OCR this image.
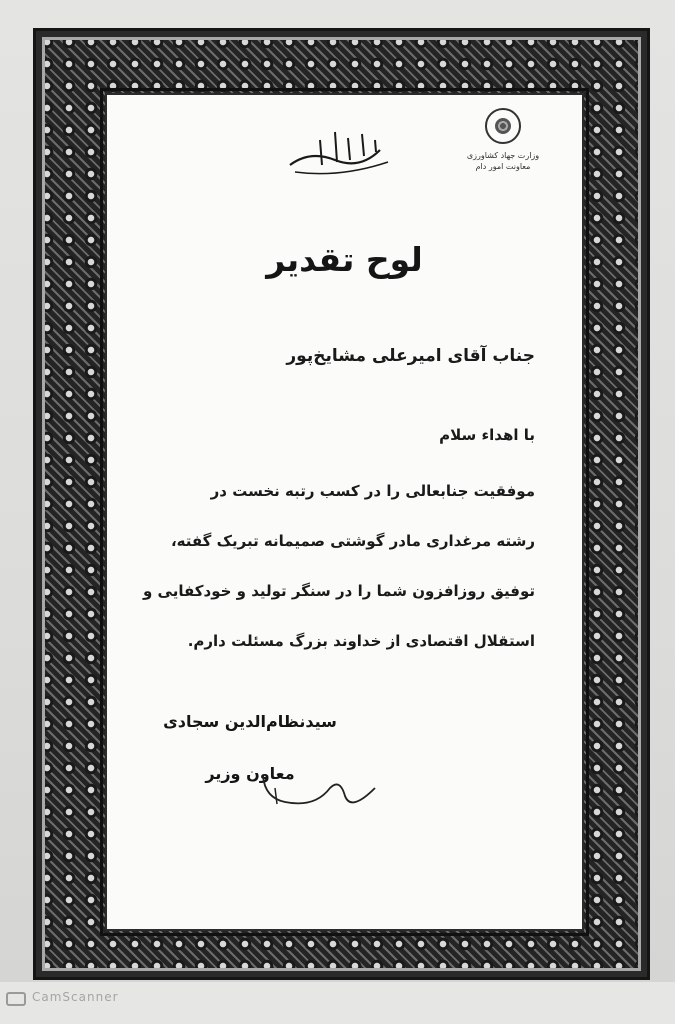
وزارت جهاد کشاورزی
معاونت امور دام
لوح تقدیر
جناب آقای امیرعلی مشایخ‌پور
با اهداء سلام
موفقیت جنابعالی را در کسب رتبه نخست در
رشته مرغداری مادر گوشتی صمیمانه تبریک گفته،
توفیق روزافزون شما را در سنگر تولید و خودکفایی و
استقلال اقتصادی از خداوند بزرگ مسئلت دارم.
سیدنظام‌الدین سجادی
معاون وزیر
CamScanner
